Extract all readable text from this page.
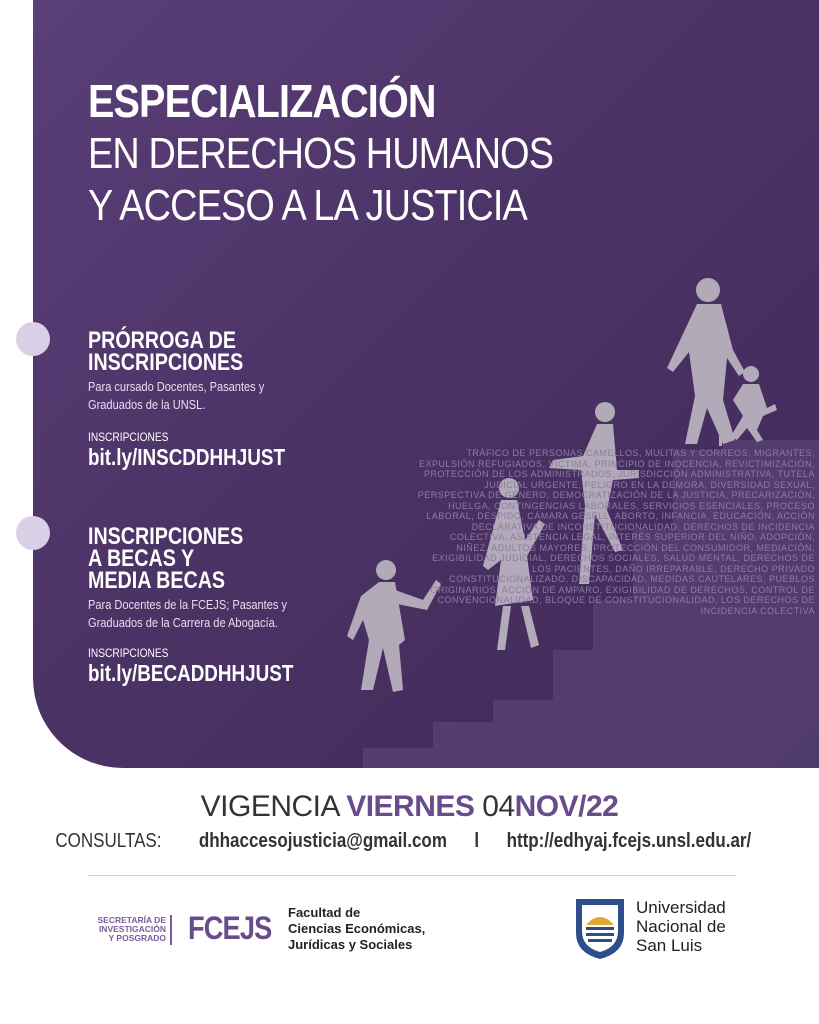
TRÁFICO DE PERSONAS CAMELLOS, MULITAS Y CORREOS, MIGRANTES, EXPULSIÓN REFUGIADOS, VÍCTIMA, PRINCIPIO DE INOCENCIA, REVICTIMIZACIÓN, PROTECCIÓN DE LOS ADMINISTRADOS, JURISDICCIÓN ADMINISTRATIVA, TUTELA JUDICIAL URGENTE, PELIGRO EN LA DEMORA, DIVERSIDAD SEXUAL, PERSPECTIVA DE GÉNERO, DEMOCRATIZACIÓN DE LA JUSTICIA, PRECARIZACIÓN, HUELGA, CONTINGENCIAS LABORALES, SERVICIOS ESENCIALES, PROCESO LABORAL, DESPIDO, CÁMARA GESELL, ABORTO, INFANCIA, EDUCACIÓN, ACCIÓN DECLARATIVA DE INCONSTITUCIONALIDAD, DERECHOS DE INCIDENCIA COLECTIVA, ASISTENCIA LEGAL, INTERÉS SUPERIOR DEL NIÑO, ADOPCIÓN, NIÑEZ, ADULTOS MAYORES, PROTECCIÓN DEL CONSUMIDOR, MEDIACIÓN, EXIGIBILIDAD JUDICIAL, DERECHOS SOCIALES, SALUD MENTAL, DERECHOS DE LOS PACIENTES, DAÑO IRREPARABLE, DERECHO PRIVADO CONSTITUCIONALIZADO, DISCAPACIDAD, MEDIDAS CAUTELARES, PUEBLOS ORIGINARIOS, ACCIÓN DE AMPARO, EXIGIBILIDAD DE DERECHOS, CONTROL DE CONVENCIONALIDAD, BLOQUE DE CONSTITUCIONALIDAD, LOS DERECHOS DE INCIDENCIA COLECTIVA
ESPECIALIZACIÓN
EN DERECHOS HUMANOS
Y ACCESO A LA JUSTICIA
PRÓRROGA DE
INSCRIPCIONES
Para cursado Docentes, Pasantes y
Graduados de la UNSL.
INSCRIPCIONES
bit.ly/INSCDDHHJUST
INSCRIPCIONES
A BECAS Y
MEDIA BECAS
Para Docentes de la FCEJS; Pasantes y
Graduados de la Carrera de Abogacía.
INSCRIPCIONES
bit.ly/BECADDHHJUST
VIGENCIA VIERNES 04NOV/22
CONSULTAS: dhhaccesojusticia@gmail.com l http://edhyaj.fcejs.unsl.edu.ar/
SECRETARÍA DE
INVESTIGACIÓN
Y POSGRADO FCEJS Facultad de
Ciencias Económicas,
Jurídicas y Sociales
Universidad
Nacional de
San Luis
